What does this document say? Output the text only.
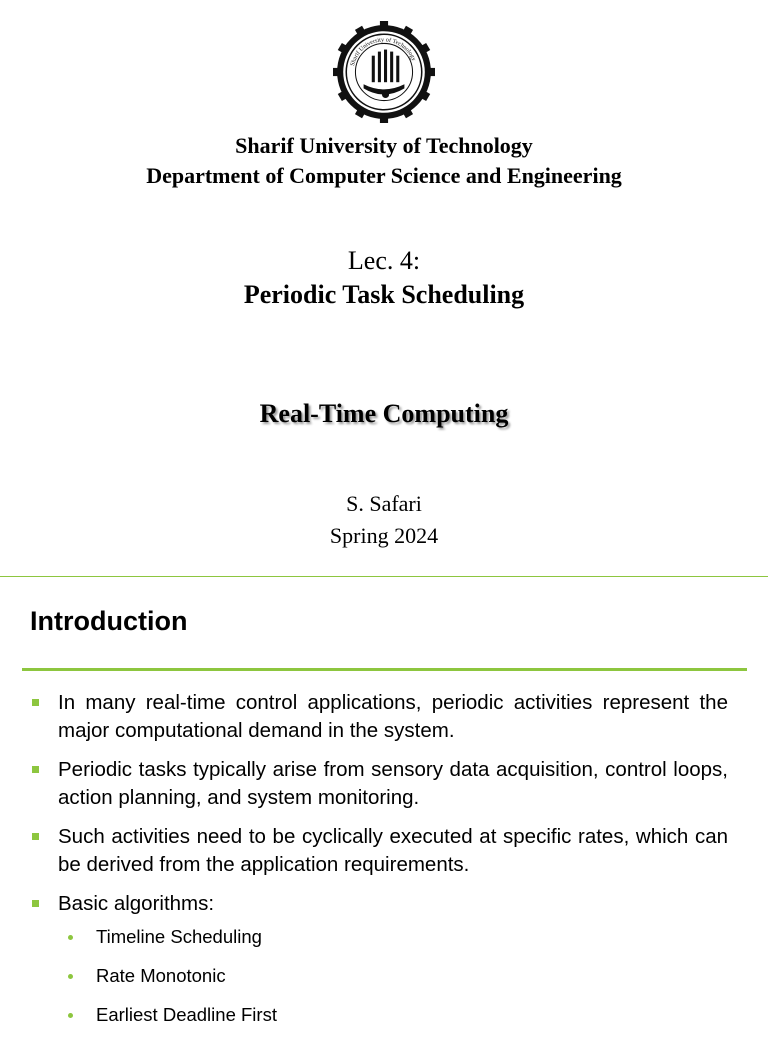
Sharif University of Technology
Sharif University of Technology
Department of Computer Science and Engineering
Lec. 4:
Periodic Task Scheduling
Real-Time Computing
S. Safari
Spring 2024
Introduction
In many real-time control applications, periodic activities represent the major computational demand in the system.
Periodic tasks typically arise from sensory data acquisition, control loops, action planning, and system monitoring.
Such activities need to be cyclically executed at specific rates, which can be derived from the application requirements.
Basic algorithms:
Timeline Scheduling
Rate Monotonic
Earliest Deadline First
